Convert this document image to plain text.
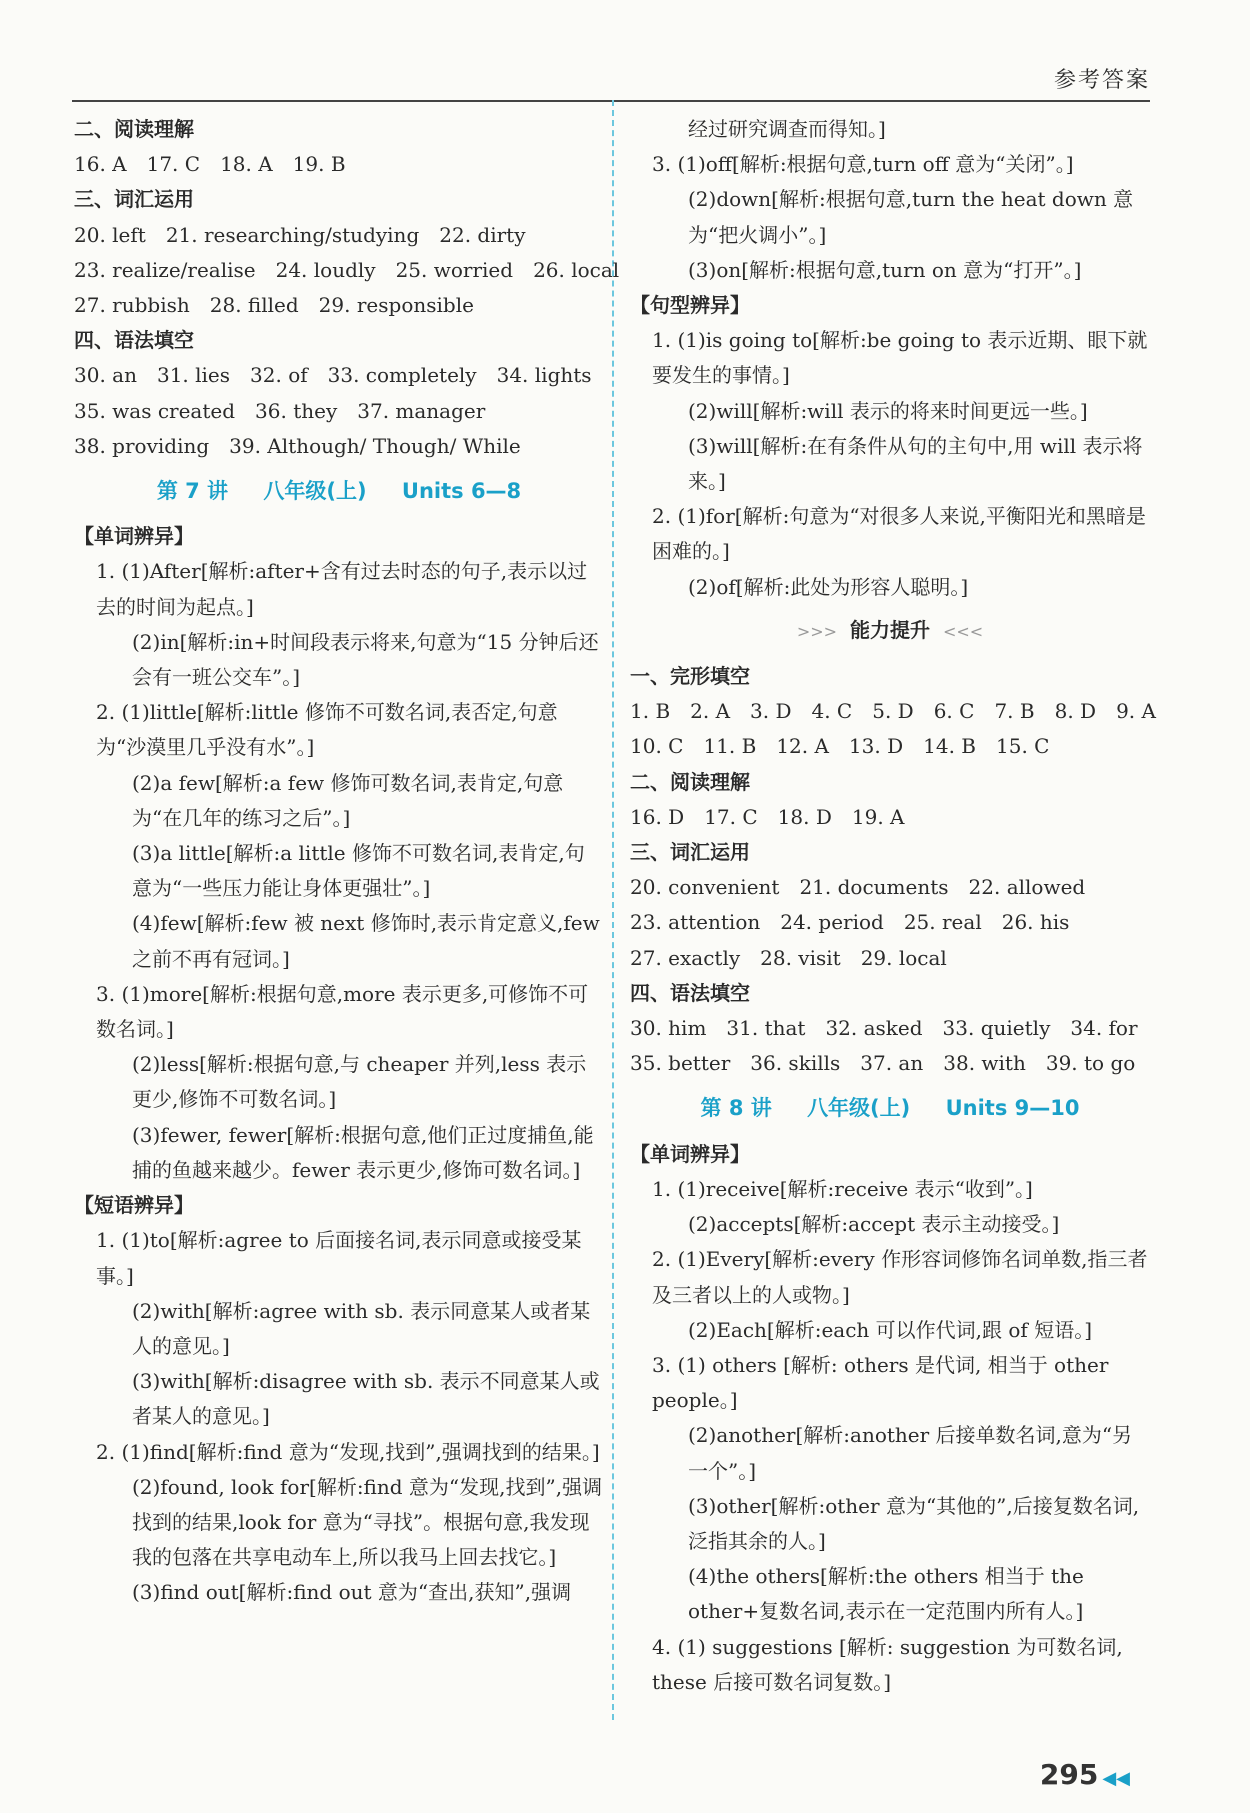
参考答案
二、阅读理解
16. A　17. C　18. A　19. B
三、词汇运用
20. left　21. researching/studying　22. dirty
23. realize/realise　24. loudly　25. worried　26. local
27. rubbish　28. filled　29. responsible
四、语法填空
30. an　31. lies　32. of　33. completely　34. lights
35. was created　36. they　37. manager
38. providing　39. Although/ Though/ While
第 7 讲 八年级(上) Units 6—8
【单词辨异】
1. (1)After[解析:after+含有过去时态的句子,表示以过去的时间为起点。]
(2)in[解析:in+时间段表示将来,句意为“15 分钟后还会有一班公交车”。]
2. (1)little[解析:little 修饰不可数名词,表否定,句意为“沙漠里几乎没有水”。]
(2)a few[解析:a few 修饰可数名词,表肯定,句意为“在几年的练习之后”。]
(3)a little[解析:a little 修饰不可数名词,表肯定,句意为“一些压力能让身体更强壮”。]
(4)few[解析:few 被 next 修饰时,表示肯定意义,few 之前不再有冠词。]
3. (1)more[解析:根据句意,more 表示更多,可修饰不可数名词。]
(2)less[解析:根据句意,与 cheaper 并列,less 表示更少,修饰不可数名词。]
(3)fewer, fewer[解析:根据句意,他们正过度捕鱼,能捕的鱼越来越少。fewer 表示更少,修饰可数名词。]
【短语辨异】
1. (1)to[解析:agree to 后面接名词,表示同意或接受某事。]
(2)with[解析:agree with sb. 表示同意某人或者某人的意见。]
(3)with[解析:disagree with sb. 表示不同意某人或者某人的意见。]
2. (1)find[解析:find 意为“发现,找到”,强调找到的结果。]
(2)found, look for[解析:find 意为“发现,找到”,强调找到的结果,look for 意为“寻找”。根据句意,我发现我的包落在共享电动车上,所以我马上回去找它。]
(3)find out[解析:find out 意为“查出,获知”,强调
经过研究调查而得知。]
3. (1)off[解析:根据句意,turn off 意为“关闭”。]
(2)down[解析:根据句意,turn the heat down 意为“把火调小”。]
(3)on[解析:根据句意,turn on 意为“打开”。]
【句型辨异】
1. (1)is going to[解析:be going to 表示近期、眼下就要发生的事情。]
(2)will[解析:will 表示的将来时间更远一些。]
(3)will[解析:在有条件从句的主句中,用 will 表示将来。]
2. (1)for[解析:句意为“对很多人来说,平衡阳光和黑暗是困难的。]
(2)of[解析:此处为形容人聪明。]
>>> 能力提升 <<<
一、完形填空
1. B　2. A　3. D　4. C　5. D　6. C　7. B　8. D　9. A
10. C　11. B　12. A　13. D　14. B　15. C
二、阅读理解
16. D　17. C　18. D　19. A
三、词汇运用
20. convenient　21. documents　22. allowed
23. attention　24. period　25. real　26. his
27. exactly　28. visit　29. local
四、语法填空
30. him　31. that　32. asked　33. quietly　34. for
35. better　36. skills　37. an　38. with　39. to go
第 8 讲 八年级(上) Units 9—10
【单词辨异】
1. (1)receive[解析:receive 表示“收到”。]
(2)accepts[解析:accept 表示主动接受。]
2. (1)Every[解析:every 作形容词修饰名词单数,指三者及三者以上的人或物。]
(2)Each[解析:each 可以作代词,跟 of 短语。]
3. (1) others [解析: others 是代词, 相当于 other people。]
(2)another[解析:another 后接单数名词,意为“另一个”。]
(3)other[解析:other 意为“其他的”,后接复数名词,泛指其余的人。]
(4)the others[解析:the others 相当于 the other+复数名词,表示在一定范围内所有人。]
4. (1) suggestions [解析: suggestion 为可数名词, these 后接可数名词复数。]
295 ◀◀
